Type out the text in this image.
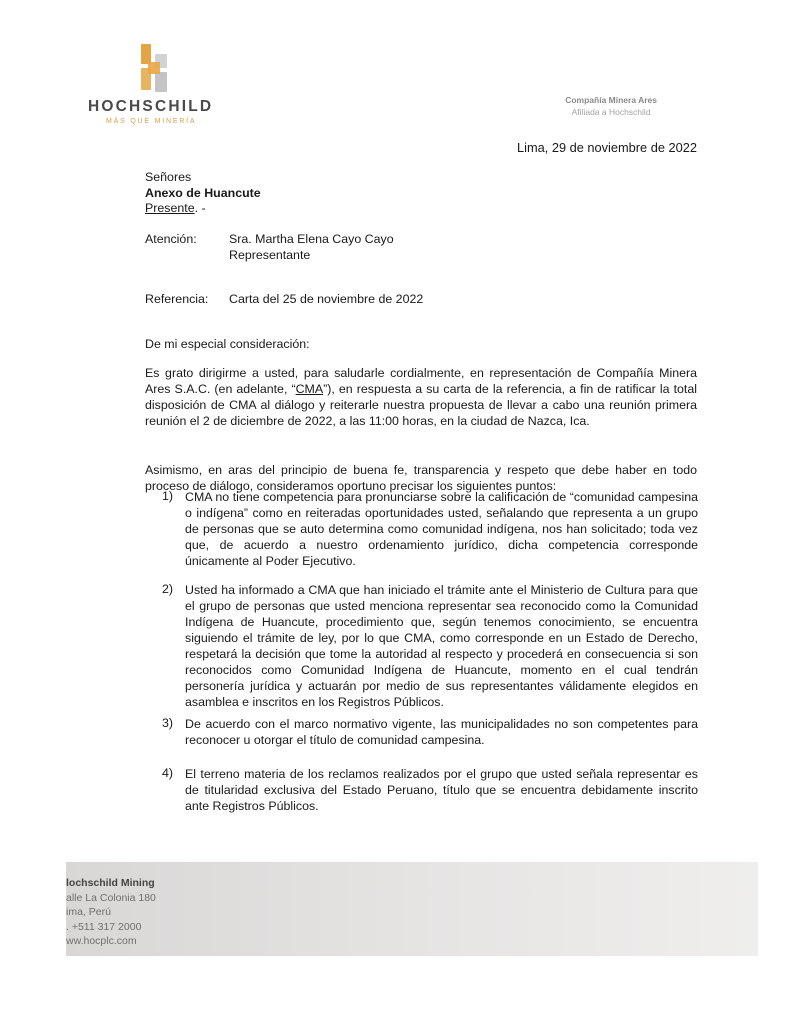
HOCHSCHILD
MÁS QUE MINERÍA
Compañía Minera Ares
Afiliada a Hochschild
Lima, 29 de noviembre de 2022
Señores
Anexo de Huancute
Presente. -
Atención:	Sra. Martha Elena Cayo Cayo
Representante
Referencia: Carta del 25 de noviembre de 2022
De mi especial consideración:

Es grato dirigirme a usted, para saludarle cordialmente, en representación de Compañía Minera Ares S.A.C. (en adelante, “CMA”), en respuesta a su carta de la referencia, a fin de ratificar la total disposición de CMA al diálogo y reiterarle nuestra propuesta de llevar a cabo una reunión primera reunión el 2 de diciembre de 2022, a las 11:00 horas, en la ciudad de Nazca, Ica.

Asimismo, en aras del principio de buena fe, transparencia y respeto que debe haber en todo proceso de diálogo, consideramos oportuno precisar los siguientes puntos:

1) CMA no tiene competencia para pronunciarse sobre la calificación de “comunidad campesina o indígena” como en reiteradas oportunidades usted, señalando que representa a un grupo de personas que se auto determina como comunidad indígena, nos han solicitado; toda vez que, de acuerdo a nuestro ordenamiento jurídico, dicha competencia corresponde únicamente al Poder Ejecutivo.
2) Usted ha informado a CMA que han iniciado el trámite ante el Ministerio de Cultura para que el grupo de personas que usted menciona representar sea reconocido como la Comunidad Indígena de Huancute, procedimiento que, según tenemos conocimiento, se encuentra siguiendo el trámite de ley, por lo que CMA, como corresponde en un Estado de Derecho, respetará la decisión que tome la autoridad al respecto y procederá en consecuencia si son reconocidos como Comunidad Indígena de Huancute, momento en el cual tendrán personería jurídica y actuarán por medio de sus representantes válidamente elegidos en asamblea e inscritos en los Registros Públicos.
3) De acuerdo con el marco normativo vigente, las municipalidades no son competentes para reconocer u otorgar el título de comunidad campesina.
4) El terreno materia de los reclamos realizados por el grupo que usted señala representar es de titularidad exclusiva del Estado Peruano, título que se encuentra debidamente inscrito ante Registros Públicos.
lochschild Mining
alle La Colonia 180
ima, Perú
. +511 317 2000
ww.hocplc.com
